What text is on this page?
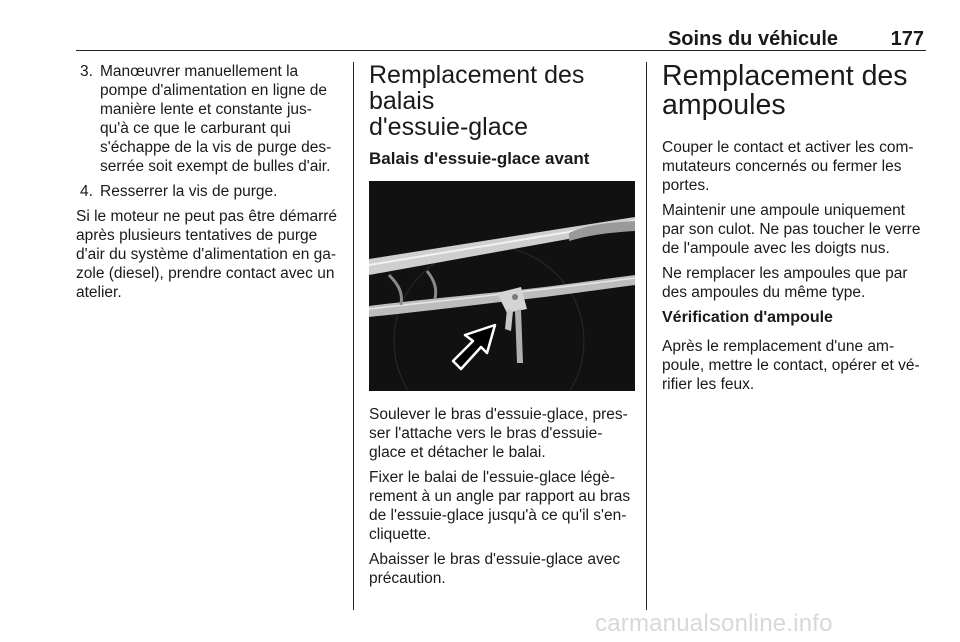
Soins du véhicule	177
3. Manœuvrer manuellement la
pompe d'alimentation en ligne de
manière lente et constante jus-
qu'à ce que le carburant qui
s'échappe de la vis de purge des-
serrée soit exempt de bulles d'air.
4. Resserrer la vis de purge.
Si le moteur ne peut pas être démarré
après plusieurs tentatives de purge
d'air du système d'alimentation en ga-
zole (diesel), prendre contact avec un
atelier.
Remplacement des balais
d'essuie-glace
Balais d'essuie-glace avant
Soulever le bras d'essuie-glace, pres-
ser l'attache vers le bras d'essuie-
glace et détacher le balai.
Fixer le balai de l'essuie-glace légè-
rement à un angle par rapport au bras
de l'essuie-glace jusqu'à ce qu'il s'en-
cliquette.
Abaisser le bras d'essuie-glace avec
précaution.
Remplacement des
ampoules
Couper le contact et activer les com-
mutateurs concernés ou fermer les
portes.
Maintenir une ampoule uniquement
par son culot. Ne pas toucher le verre
de l'ampoule avec les doigts nus.
Ne remplacer les ampoules que par
des ampoules du même type.
Vérification d'ampoule
Après le remplacement d'une am-
poule, mettre le contact, opérer et vé-
rifier les feux.
carmanualsonline.info
